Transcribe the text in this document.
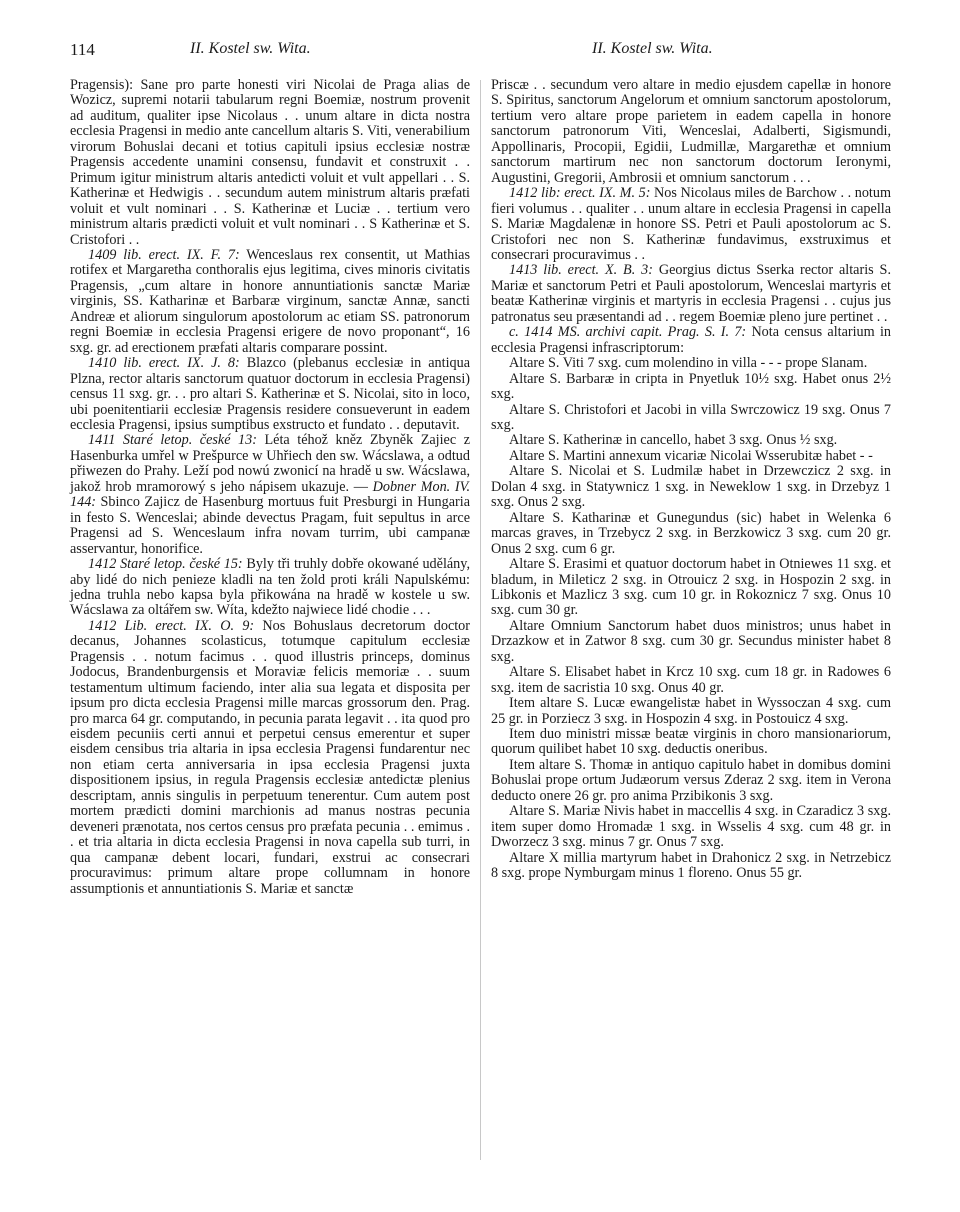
114	II. Kostel sw. Wita.	II. Kostel sw. Wita.

Pragensis): Sane pro parte honesti viri Nicolai de Praga alias de Wozicz, supremi notarii tabularum regni Boemiæ, nostrum provenit ad auditum, qualiter ipse Nicolaus . . unum altare in dicta nostra ecclesia Pragensi in medio ante cancellum altaris S. Viti, venerabilium virorum Bohuslai decani et totius capituli ipsius ecclesiæ nostræ Pragensis accedente unamini consensu, fundavit et construxit . . Primum igitur ministrum altaris antedicti voluit et vult appellari . . S. Katherinæ et Hedwigis . . secundum autem ministrum altaris præfati voluit et vult nominari . . S. Katherinæ et Luciæ . . tertium vero ministrum altaris prædicti voluit et vult nominari . . S Katherinæ et S. Cristofori . .

1409 lib. erect. IX. F. 7: Wenceslaus rex consentit, ut Mathias rotifex et Margaretha conthoralis ejus legitima, cives minoris civitatis Pragensis, „cum altare in honore annuntiationis sanctæ Mariæ virginis, SS. Katharinæ et Barbaræ virginum, sanctæ Annæ, sancti Andreæ et aliorum singulorum apostolorum ac etiam SS. patronorum regni Boemiæ in ecclesia Pragensi erigere de novo proponant“, 16 sxg. gr. ad erectionem præfati altaris comparare possint.

1410 lib. erect. IX. J. 8: Blazco (plebanus ecclesiæ in antiqua Plzna, rector altaris sanctorum quatuor doctorum in ecclesia Pragensi) census 11 sxg. gr. . . pro altari S. Katherinæ et S. Nicolai, sito in loco, ubi poenitentiarii ecclesiæ Pragensis residere consueverunt in eadem ecclesia Pragensi, ipsius sumptibus exstructo et fundato . . deputavit.

1411 Staré letop. české 13: Léta téhož kněz Zbyněk Zajiec z Hasenburka umřel w Prešpurce w Uhřiech den sw. Wácslawa, a odtud přiwezen do Prahy. Leží pod nowú zwonicí na hradě u sw. Wácslawa, jakož hrob mramorowý s jeho nápisem ukazuje. — Dobner Mon. IV. 144: Sbinco Zajicz de Hasenburg mortuus fuit Presburgi in Hungaria in festo S. Wenceslai; abinde devectus Pragam, fuit sepultus in arce Pragensi ad S. Wenceslaum infra novam turrim, ubi campanæ asservantur, honorifice.

1412 Staré letop. české 15: Byly tři truhly dobře okowané udělány, aby lidé do nich penieze kladli na ten žold proti králi Napulskému: jedna truhla nebo kapsa byla přikowána na hradě w kostele u sw. Wácslawa za oltářem sw. Wíta, kdežto najwiece lidé chodie . . .

1412 Lib. erect. IX. O. 9: Nos Bohuslaus decretorum doctor decanus, Johannes scolasticus, totumque capitulum ecclesiæ Pragensis . . notum facimus . . quod illustris princeps, dominus Jodocus, Brandenburgensis et Moraviæ felicis memoriæ . . suum testamentum ultimum faciendo, inter alia sua legata et disposita per ipsum pro dicta ecclesia Pragensi mille marcas grossorum den. Prag. pro marca 64 gr. computando, in pecunia parata legavit . . ita quod pro eisdem pecuniis certi annui et perpetui census emerentur et super eisdem censibus tria altaria in ipsa ecclesia Pragensi fundarentur nec non etiam certa anniversaria in ipsa ecclesia Pragensi juxta dispositionem ipsius, in regula Pragensis ecclesiæ antedictæ plenius descriptam, annis singulis in perpetuum tenerentur. Cum autem post mortem prædicti domini marchionis ad manus nostras pecunia deveneri prænotata, nos certos census pro præfata pecunia . . emimus . . et tria altaria in dicta ecclesia Pragensi in nova capella sub turri, in qua campanæ debent locari, fundari, exstrui ac consecrari procuravimus: primum altare prope collumnam in honore assumptionis et annuntiationis S. Mariæ et sanctæ

Priscæ . . secundum vero altare in medio ejusdem capellæ in honore S. Spiritus, sanctorum Angelorum et omnium sanctorum apostolorum, tertium vero altare prope parietem in eadem capella in honore sanctorum patronorum Viti, Wenceslai, Adalberti, Sigismundi, Appollinaris, Procopii, Egidii, Ludmillæ, Margarethæ et omnium sanctorum martirum nec non sanctorum doctorum Ieronymi, Augustini, Gregorii, Ambrosii et omnium sanctorum . . .

1412 lib: erect. IX. M. 5: Nos Nicolaus miles de Barchow . . notum fieri volumus . . qualiter . . unum altare in ecclesia Pragensi in capella S. Mariæ Magdalenæ in honore SS. Petri et Pauli apostolorum ac S. Cristofori nec non S. Katherinæ fundavimus, exstruximus et consecrari procuravimus . .

1413 lib. erect. X. B. 3: Georgius dictus Sserka rector altaris S. Mariæ et sanctorum Petri et Pauli apostolorum, Wenceslai martyris et beatæ Katherinæ virginis et martyris in ecclesia Pragensi . . cujus jus patronatus seu præsentandi ad . . regem Boemiæ pleno jure pertinet . .

c. 1414 MS. archivi capit. Prag. S. I. 7: Nota census altarium in ecclesia Pragensi infrascriptorum:

Altare S. Viti 7 sxg. cum molendino in villa - - - prope Slanam.

Altare S. Barbaræ in cripta in Pnyetluk 10½ sxg. Habet onus 2½ sxg.

Altare S. Christofori et Jacobi in villa Swrczowicz 19 sxg. Onus 7 sxg.

Altare S. Katherinæ in cancello, habet 3 sxg. Onus ½ sxg.

Altare S. Martini annexum vicariæ Nicolai Wsserubitæ habet - -

Altare S. Nicolai et S. Ludmilæ habet in Drzewczicz 2 sxg. in Dolan 4 sxg. in Statywnicz 1 sxg. in Neweklow 1 sxg. in Drzebyz 1 sxg. Onus 2 sxg.

Altare S. Katharinæ et Gunegundus (sic) habet in Welenka 6 marcas graves, in Trzebycz 2 sxg. in Berzkowicz 3 sxg. cum 20 gr. Onus 2 sxg. cum 6 gr.

Altare S. Erasimi et quatuor doctorum habet in Otniewes 11 sxg. et bladum, in Mileticz 2 sxg. in Otrouicz 2 sxg. in Hospozin 2 sxg. in Libkonis et Mazlicz 3 sxg. cum 10 gr. in Rokoznicz 7 sxg. Onus 10 sxg. cum 30 gr.

Altare Omnium Sanctorum habet duos ministros; unus habet in Drzazkow et in Zatwor 8 sxg. cum 30 gr. Secundus minister habet 8 sxg.

Altare S. Elisabet habet in Krcz 10 sxg. cum 18 gr. in Radowes 6 sxg. item de sacristia 10 sxg. Onus 40 gr.

Item altare S. Lucæ ewangelistæ habet in Wyssoczan 4 sxg. cum 25 gr. in Porziecz 3 sxg. in Hospozin 4 sxg. in Postouicz 4 sxg.

Item duo ministri missæ beatæ virginis in choro mansionariorum, quorum quilibet habet 10 sxg. deductis oneribus.

Item altare S. Thomæ in antiquo capitulo habet in domibus domini Bohuslai prope ortum Judæorum versus Zderaz 2 sxg. item in Verona deducto onere 26 gr. pro anima Przibikonis 3 sxg.

Altare S. Mariæ Nivis habet in maccellis 4 sxg. in Czaradicz 3 sxg. item super domo Hromadæ 1 sxg. in Wsselis 4 sxg. cum 48 gr. in Dworzecz 3 sxg. minus 7 gr. Onus 7 sxg.

Altare X millia martyrum habet in Drahonicz 2 sxg. in Netrzebicz 8 sxg. prope Nymburgam minus 1 floreno. Onus 55 gr.
